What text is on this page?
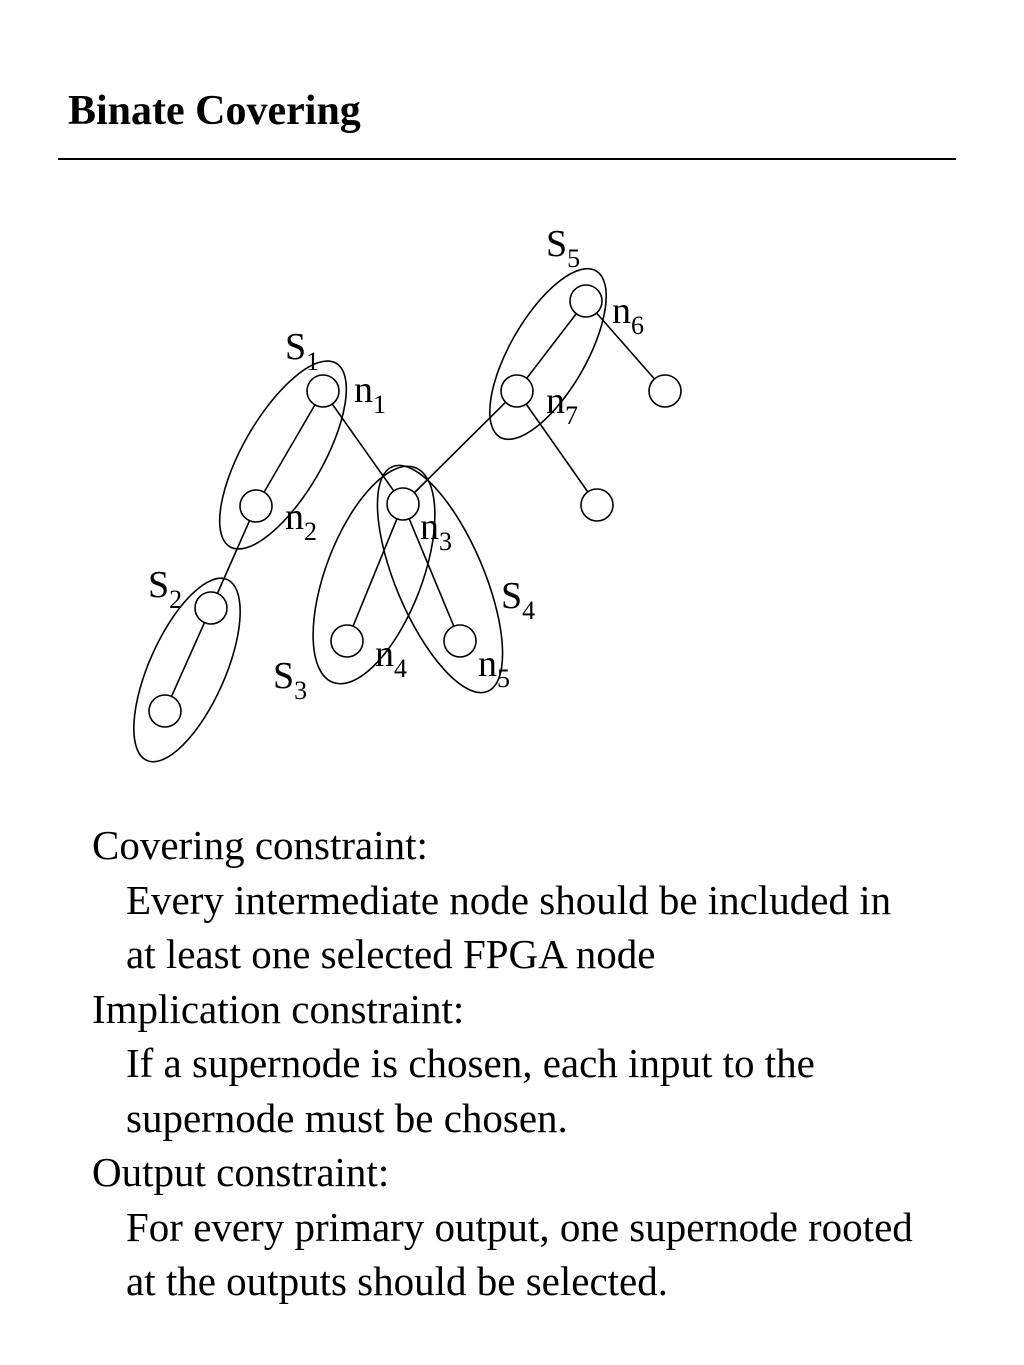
Binate Covering
$n_1$
$n_2$	$n_3$
$n_4$ $n_5$
$n_6$
$n_7$
$S_1$
$S_2$
$S_3$
$S_4$
$S_5$

Covering constraint:

Every intermediate node should be included in

at least one selected FPGA node

Implication constraint:

If a supernode is chosen, each input to the

supernode must be chosen.

Output constraint:

For every primary output, one supernode rooted

at the outputs should be selected.
